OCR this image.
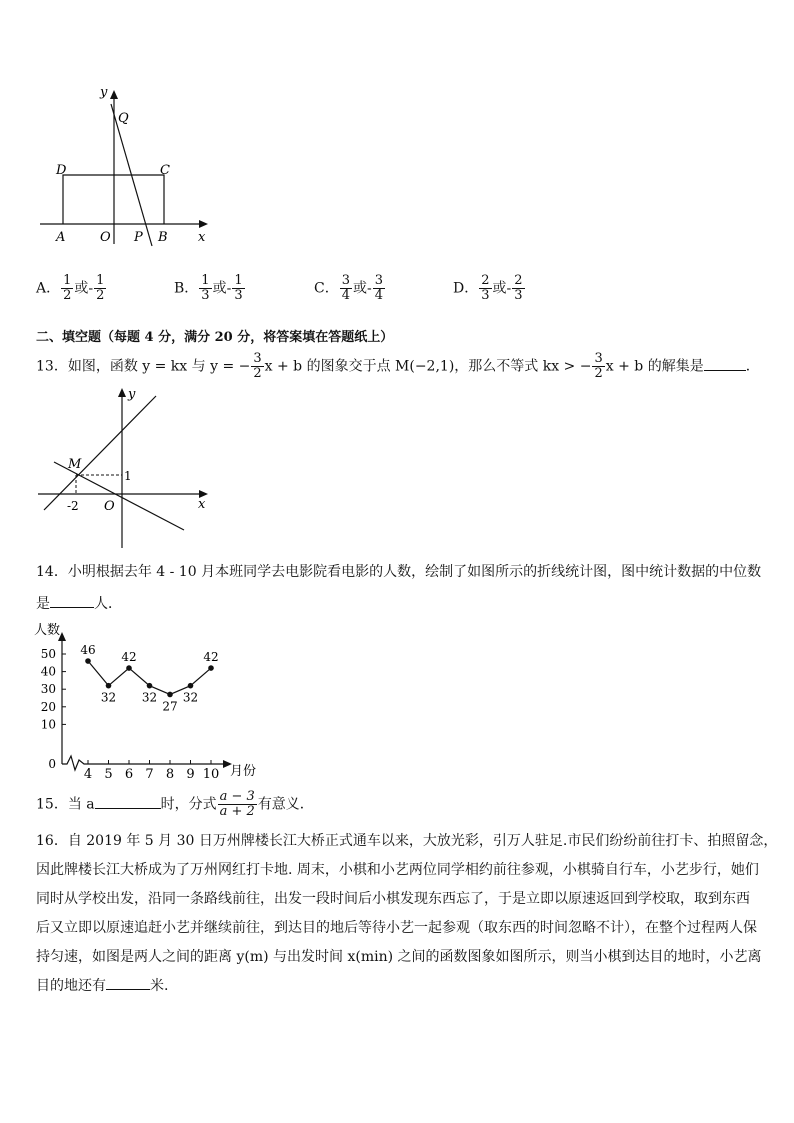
y
Q
D	C
A	O P B x
A． $\frac{1}{2}$ 或- $\frac{1}{2}$	B． $\frac{1}{3}$ 或- $\frac{1}{3}$	C． $\frac{3}{4}$ 或- $\frac{3}{4}$	D． $\frac{2}{3}$ 或- $\frac{2}{3}$
二、填空题（每题 4 分，满分 20 分，将答案填在答题纸上）
13．如图，函数 y = kx 与 y = − $\frac{3}{2}$ x + b 的图象交于点 M(−2,1)，那么不等式 kx > − $\frac{3}{2}$ x + b 的解集是	．
y
M
1
-2 O	x
14．小明根据去年 4 - 10 月本班同学去电影院看电影的人数，绘制了如图所示的折线统计图，图中统计数据的中位数
是	人．
人数
月份
0
10
20
30
40
50
4 5 6 7 8 9 10
46
32
42
32
27
32
42
15．当 a	时，分式 $\frac{a - 3}{a + 2}$ 有意义．
16．自 2019 年 5 月 30 日万州牌楼长江大桥正式通车以来，大放光彩，引万人驻足.市民们纷纷前往打卡、拍照留念，
因此牌楼长江大桥成为了万州网红打卡地. 周末，小棋和小艺两位同学相约前往参观，小棋骑自行车，小艺步行，她们
同时从学校出发，沿同一条路线前往，出发一段时间后小棋发现东西忘了，于是立即以原速返回到学校取，取到东西
后又立即以原速追赶小艺并继续前往，到达目的地后等待小艺一起参观（取东西的时间忽略不计），在整个过程两人保
持匀速，如图是两人之间的距离 y(m) 与出发时间 x(min) 之间的函数图象如图所示，则当小棋到达目的地时，小艺离
目的地还有	米.
